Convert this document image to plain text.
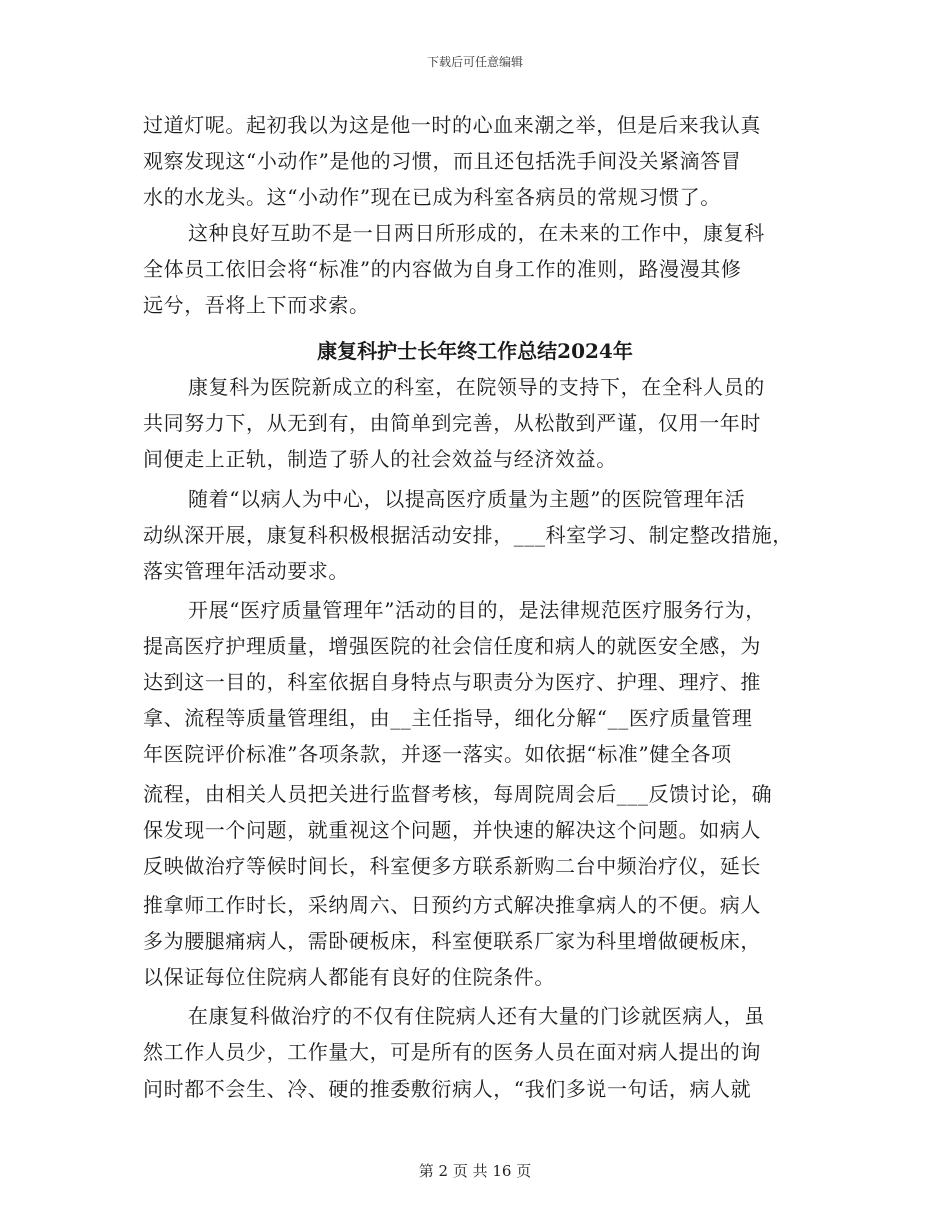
下载后可任意编辑
过道灯呢。起初我以为这是他一时的心血来潮之举，但是后来我认真
观察发现这“小动作”是他的习惯，而且还包括洗手间没关紧滴答冒
水的水龙头。这“小动作”现在已成为科室各病员的常规习惯了。
这种良好互助不是一日两日所形成的，在未来的工作中，康复科
全体员工依旧会将“标准”的内容做为自身工作的准则，路漫漫其修
远兮，吾将上下而求索。
康复科护士长年终工作总结2024年
康复科为医院新成立的科室，在院领导的支持下，在全科人员的
共同努力下，从无到有，由简单到完善，从松散到严谨，仅用一年时
间便走上正轨，制造了骄人的社会效益与经济效益。
随着“以病人为中心，以提高医疗质量为主题”的医院管理年活
动纵深开展，康复科积极根据活动安排，___科室学习、制定整改措施，
落实管理年活动要求。
开展“医疗质量管理年”活动的目的，是法律规范医疗服务行为，
提高医疗护理质量，增强医院的社会信任度和病人的就医安全感，为
达到这一目的，科室依据自身特点与职责分为医疗、护理、理疗、推
拿、流程等质量管理组，由__主任指导，细化分解“__医疗质量管理
年医院评价标准”各项条款，并逐一落实。如依据“标准”健全各项
流程，由相关人员把关进行监督考核，每周院周会后___反馈讨论，确
保发现一个问题，就重视这个问题，并快速的解决这个问题。如病人
反映做治疗等候时间长，科室便多方联系新购二台中频治疗仪，延长
推拿师工作时长，采纳周六、日预约方式解决推拿病人的不便。病人
多为腰腿痛病人，需卧硬板床，科室便联系厂家为科里增做硬板床，
以保证每位住院病人都能有良好的住院条件。
在康复科做治疗的不仅有住院病人还有大量的门诊就医病人，虽
然工作人员少，工作量大，可是所有的医务人员在面对病人提出的询
问时都不会生、冷、硬的推委敷衍病人，“我们多说一句话，病人就
第 2 页 共 16 页
